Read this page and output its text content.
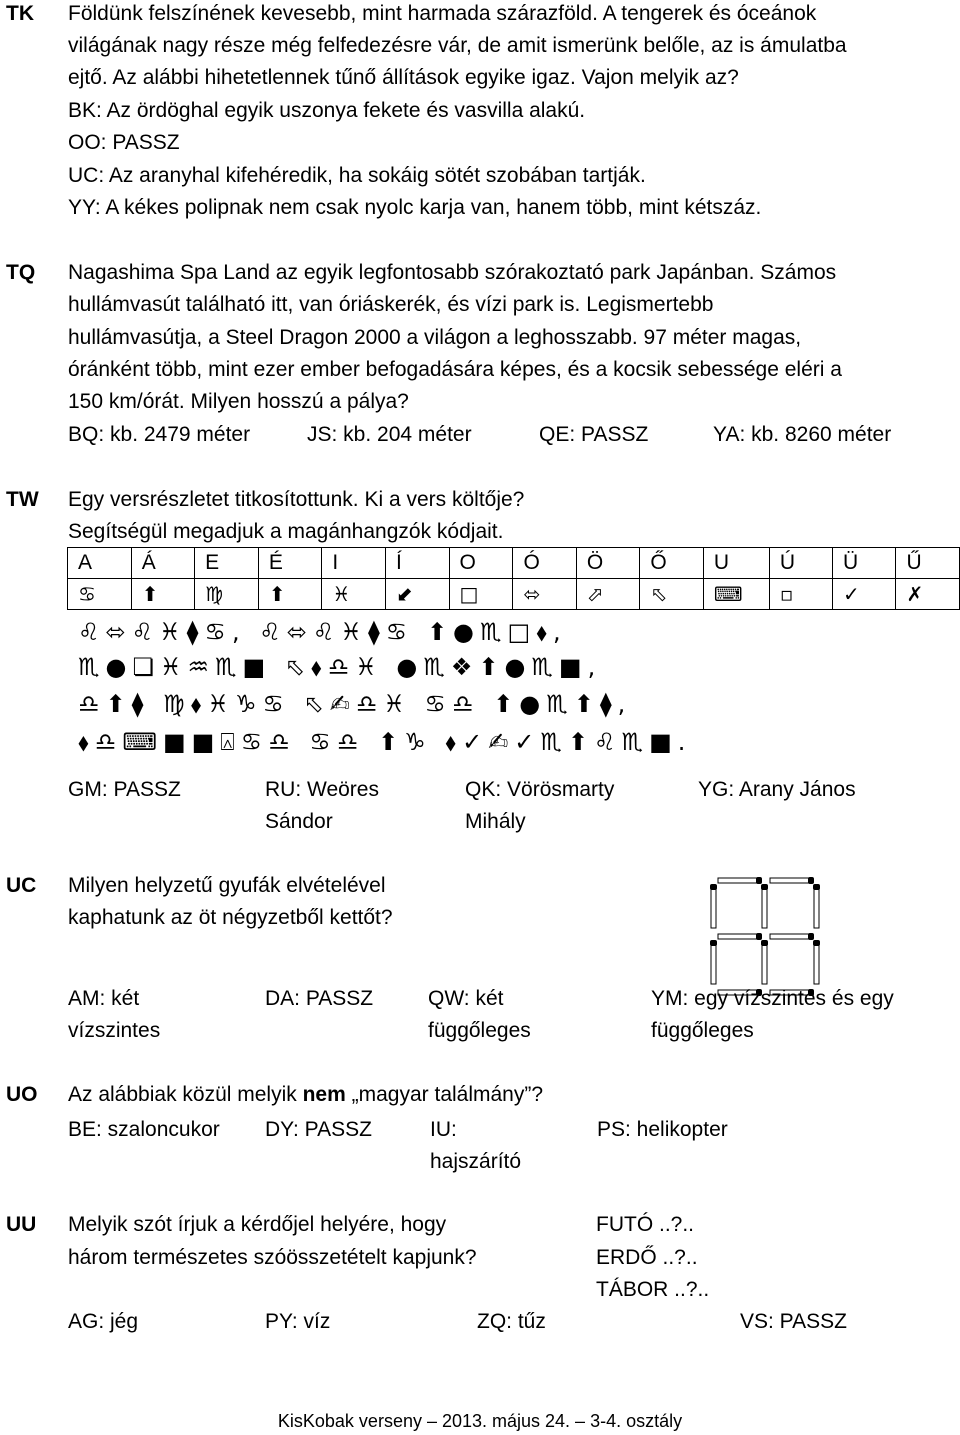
TK Földünk felszínének kevesebb, mint harmada szárazföld. A tengerek és óceánok
világának nagy része még felfedezésre vár, de amit ismerünk belőle, az is ámulatba
ejtő. Az alábbi hihetetlennek tűnő állítások egyike igaz. Vajon melyik az?
BK: Az ördöghal egyik uszonya fekete és vasvilla alakú.
OO: PASSZ
UC: Az aranyhal kifehéredik, ha sokáig sötét szobában tartják.
YY: A kékes polipnak nem csak nyolc karja van, hanem több, mint kétszáz.
TQ Nagashima Spa Land az egyik legfontosabb szórakoztató park Japánban. Számos
hullámvasút található itt, van óriáskerék, és vízi park is. Legismertebb
hullámvasútja, a Steel Dragon 2000 a világon a leghosszabb. 97 méter magas,
óránként több, mint ezer ember befogadására képes, és a kocsik sebessége eléri a
150 km/órát. Milyen hosszú a pálya?
BQ: kb. 2479 méter	JS: kb. 204 méter	QE: PASSZ	YA: kb. 8260 méter
TW Egy versrészletet titkosítottunk. Ki a vers költője?
Segítségül megadjuk a magánhangzók kódjait.
A	Á	E	É	I	Í	O	Ó	Ö	Ő	U	Ú	Ü	Ű
♋	⬆	♍	⬆	♓	⬋	□	⬄	⬀	⬁	⌨	▫	✓	✗
♌⬄♌♓⧫♋, ♌⬄♌♓⧫♋ ⬆●♏□⬧,
♏●❏♓♒♏■ ⬁⬧♎♓ ●♏❖⬆●♏■,
♎⬆⧫ ♍⬧♓♑♋ ⬁✍♎♓ ♋♎ ⬆●♏⬆⧫,
⬧♎⌨■■⍓♋♎ ♋♎ ⬆♑ ⬧✓✍✓♏⬆♌♏■.
GM: PASSZ	RU: Weöres Sándor
QK: Vörösmarty Mihály
YG: Arany János
UC Milyen helyzetű gyufák elvételével
kaphatunk az öt négyzetből kettőt?
AM: két vízszintes
DA: PASSZ	QW: két függőleges
YM: egy vízszintes és egy függőleges
UO Az alábbiak közül melyik nem „magyar találmány”?
BE: szaloncukor	DY: PASSZ	IU: hajszárító
PS: helikopter
UU Melyik szót írjuk a kérdőjel helyére, hogy
három természetes szóösszetételt kapjunk?
FUTÓ ..?..
ERDŐ ..?..
TÁBOR ..?..
AG: jég	PY: víz	ZQ: tűz	VS: PASSZ
KisKobak verseny – 2013. május 24. – 3-4. osztály
